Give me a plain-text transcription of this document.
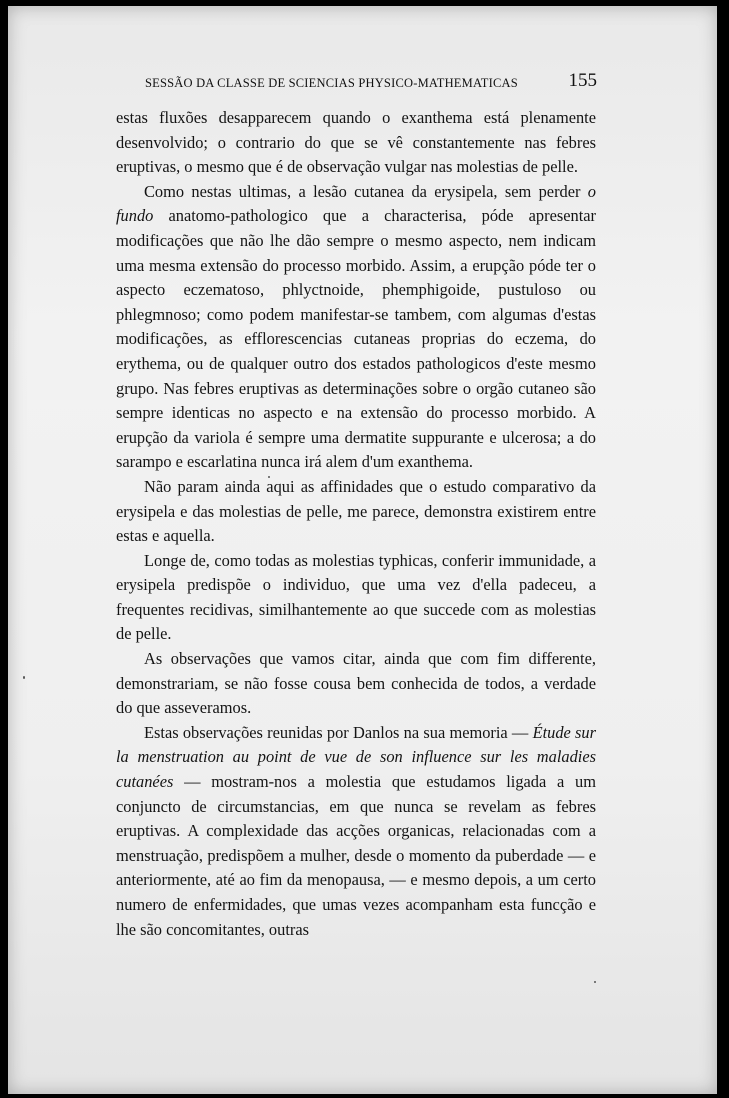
SESSÃO DA CLASSE DE SCIENCIAS PHYSICO-MATHEMATICAS	155

estas fluxões desapparecem quando o exanthema está plenamente desenvolvido; o contrario do que se vê constantemente nas febres eruptivas, o mesmo que é de observação vulgar nas molestias de pelle.

Como nestas ultimas, a lesão cutanea da erysipela, sem perder o fundo anatomo-pathologico que a characterisa, póde apresentar modificações que não lhe dão sempre o mesmo aspecto, nem indicam uma mesma extensão do processo morbido. Assim, a erupção póde ter o aspecto eczematoso, phlyctnoide, phemphigoide, pustuloso ou phlegmnoso; como podem manifestar-se tambem, com algumas d'estas modificações, as efflorescencias cutaneas proprias do eczema, do erythema, ou de qualquer outro dos estados pathologicos d'este mesmo grupo. Nas febres eruptivas as determinações sobre o orgão cutaneo são sempre identicas no aspecto e na extensão do processo morbido. A erupção da variola é sempre uma dermatite suppurante e ulcerosa; a do sarampo e escarlatina nunca irá alem d'um exanthema.

Não param ainda aqui as affinidades que o estudo comparativo da erysipela e das molestias de pelle, me parece, demonstra existirem entre estas e aquella.

Longe de, como todas as molestias typhicas, conferir immunidade, a erysipela predispõe o individuo, que uma vez d'ella padeceu, a frequentes recidivas, similhantemente ao que succede com as molestias de pelle.

As observações que vamos citar, ainda que com fim differente, demonstrariam, se não fosse cousa bem conhecida de todos, a verdade do que asseveramos.

Estas observações reunidas por Danlos na sua memoria — Étude sur la menstruation au point de vue de son influence sur les maladies cutanées — mostram-nos a molestia que estudamos ligada a um conjuncto de circumstancias, em que nunca se revelam as febres eruptivas. A complexidade das acções organicas, relacionadas com a menstruação, predispõem a mulher, desde o momento da puberdade — e anteriormente, até ao fim da menopausa, — e mesmo depois, a um certo numero de enfermidades, que umas vezes acompanham esta funcção e lhe são concomitantes, outras
